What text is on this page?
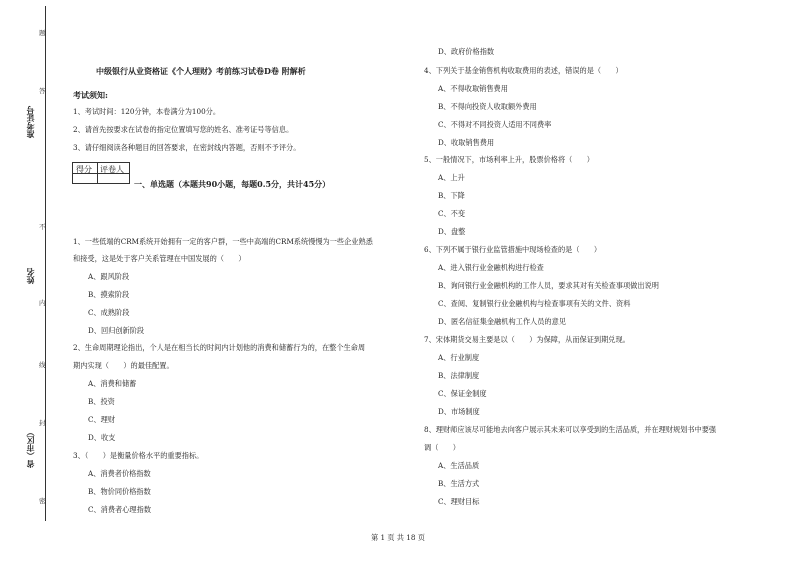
准考证号
姓名
省（市区）
题
答
不
内
线
封
密
中级银行从业资格证《个人理财》考前练习试卷D卷 附解析
考试须知:
1、考试时间：120分钟，本卷满分为100分。
2、请首先按要求在试卷的指定位置填写您的姓名、准考证号等信息。
3、请仔细阅读各种题目的回答要求，在密封线内答题，否则不予评分。
得分 评卷人
一、单选题（本题共90小题，每题0.5分，共计45分）
1、一些低端的CRM系统开始拥有一定的客户群，一些中高端的CRM系统慢慢为一些企业熟悉
和接受，这是处于客户关系管理在中国发展的（　　）
A、跟风阶段
B、摸索阶段
C、成熟阶段
D、回归创新阶段
2、生命周期理论指出，个人是在相当长的时间内计划他的消费和储蓄行为的，在整个生命周
期内实现（　　）的最佳配置。
A、消费和储蓄
B、投资
C、理财
D、收支
3、（　　）是衡量价格水平的重要指标。
A、消费者价格指数
B、物价同价格指数
C、消费者心理指数
D、政府价格指数
4、下列关于基金销售机构收取费用的表述，错误的是（　　）
A、不得收取销售费用
B、不得向投资人收取额外费用
C、不得对不同投资人适用不同费率
D、收取销售费用
5、一般情况下，市场利率上升，股票价格将（　　）
A、上升
B、下降
C、不变
D、盘整
6、下列不属于银行业监管措施中现场检查的是（　　）
A、进入银行业金融机构进行检查
B、询问银行业金融机构的工作人员，要求其对有关检查事项做出说明
C、查阅、复制银行业金融机构与检查事项有关的文件、资料
D、匿名信征集金融机构工作人员的意见
7、宋体期货交易主要是以（　　）为保障，从而保证到期兑现。
A、行业制度
B、法律制度
C、保证金制度
D、市场制度
8、理财师应该尽可能地去向客户展示其未来可以享受到的生活品质，并在理财规划书中要强
调（　　）
A、生活品质
B、生活方式
C、理财目标
第 1 页 共 18 页
